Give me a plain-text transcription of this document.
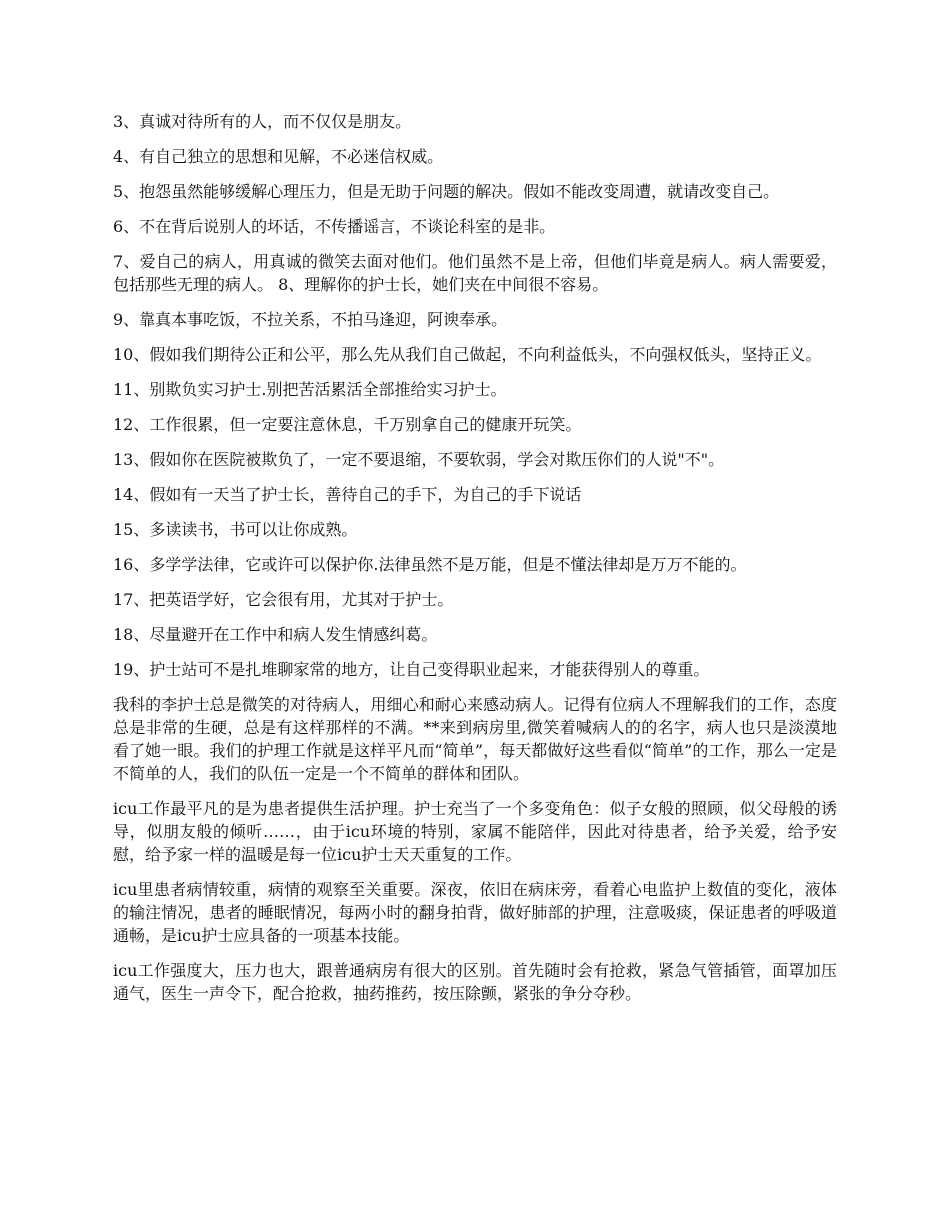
3、真诚对待所有的人，而不仅仅是朋友。

4、有自己独立的思想和见解，不必迷信权威。

5、抱怨虽然能够缓解心理压力，但是无助于问题的解决。假如不能改变周遭，就请改变自己。

6、不在背后说别人的坏话，不传播谣言，不谈论科室的是非。

7、爱自己的病人，用真诚的微笑去面对他们。他们虽然不是上帝，但他们毕竟是病人。病人需要爱，包括那些无理的病人。 8、理解你的护士长，她们夹在中间很不容易。

9、靠真本事吃饭，不拉关系，不拍马逢迎，阿谀奉承。

10、假如我们期待公正和公平，那么先从我们自己做起，不向利益低头，不向强权低头，坚持正义。

11、别欺负实习护士.别把苦活累活全部推给实习护士。

12、工作很累，但一定要注意休息，千万别拿自己的健康开玩笑。

13、假如你在医院被欺负了，一定不要退缩，不要软弱，学会对欺压你们的人说"不"。

14、假如有一天当了护士长，善待自己的手下，为自己的手下说话

15、多读读书，书可以让你成熟。

16、多学学法律，它或许可以保护你.法律虽然不是万能，但是不懂法律却是万万不能的。

17、把英语学好，它会很有用，尤其对于护士。

18、尽量避开在工作中和病人发生情感纠葛。

19、护士站可不是扎堆聊家常的地方，让自己变得职业起来，才能获得别人的尊重。

我科的李护士总是微笑的对待病人，用细心和耐心来感动病人。记得有位病人不理解我们的工作，态度总是非常的生硬，总是有这样那样的不满。**来到病房里,微笑着喊病人的的名字，病人也只是淡漠地看了她一眼。我们的护理工作就是这样平凡而“简单”，每天都做好这些看似“简单”的工作，那么一定是不简单的人，我们的队伍一定是一个不简单的群体和团队。

icu工作最平凡的是为患者提供生活护理。护士充当了一个多变角色：似子女般的照顾，似父母般的诱导，似朋友般的倾听……，由于icu环境的特别，家属不能陪伴，因此对待患者，给予关爱，给予安慰，给予家一样的温暖是每一位icu护士天天重复的工作。

icu里患者病情较重，病情的观察至关重要。深夜，依旧在病床旁，看着心电监护上数值的变化，液体的输注情况，患者的睡眠情况，每两小时的翻身拍背，做好肺部的护理，注意吸痰，保证患者的呼吸道通畅，是icu护士应具备的一项基本技能。

icu工作强度大，压力也大，跟普通病房有很大的区别。首先随时会有抢救，紧急气管插管，面罩加压通气，医生一声令下，配合抢救，抽药推药，按压除颤，紧张的争分夺秒。
